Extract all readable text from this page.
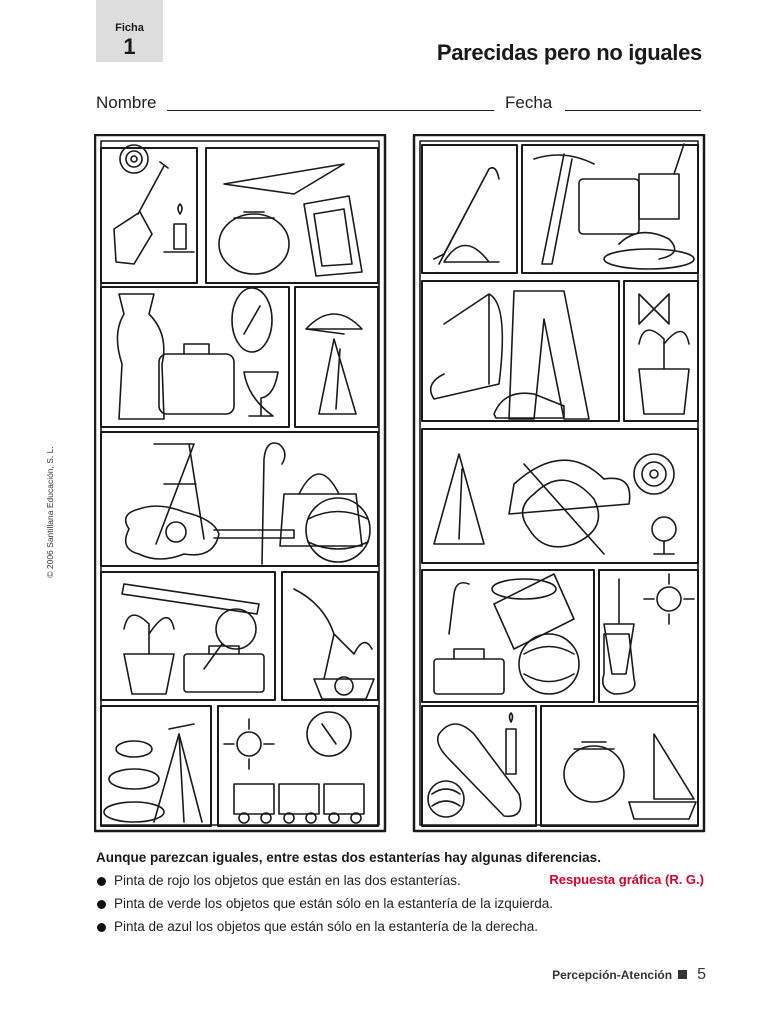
Ficha
1	Parecidas pero no iguales
Nombre	Fecha
© 2006 Santillana Educación, S. L.

Aunque parezcan iguales, entre estas dos estanterías hay algunas diferencias.

Respuesta gráfica (R. G.)
Pinta de rojo los objetos que están en las dos estanterías.
Pinta de verde los objetos que están sólo en la estantería de la izquierda.
Pinta de azul los objetos que están sólo en la estantería de la derecha.
Percepción-Atención 5
